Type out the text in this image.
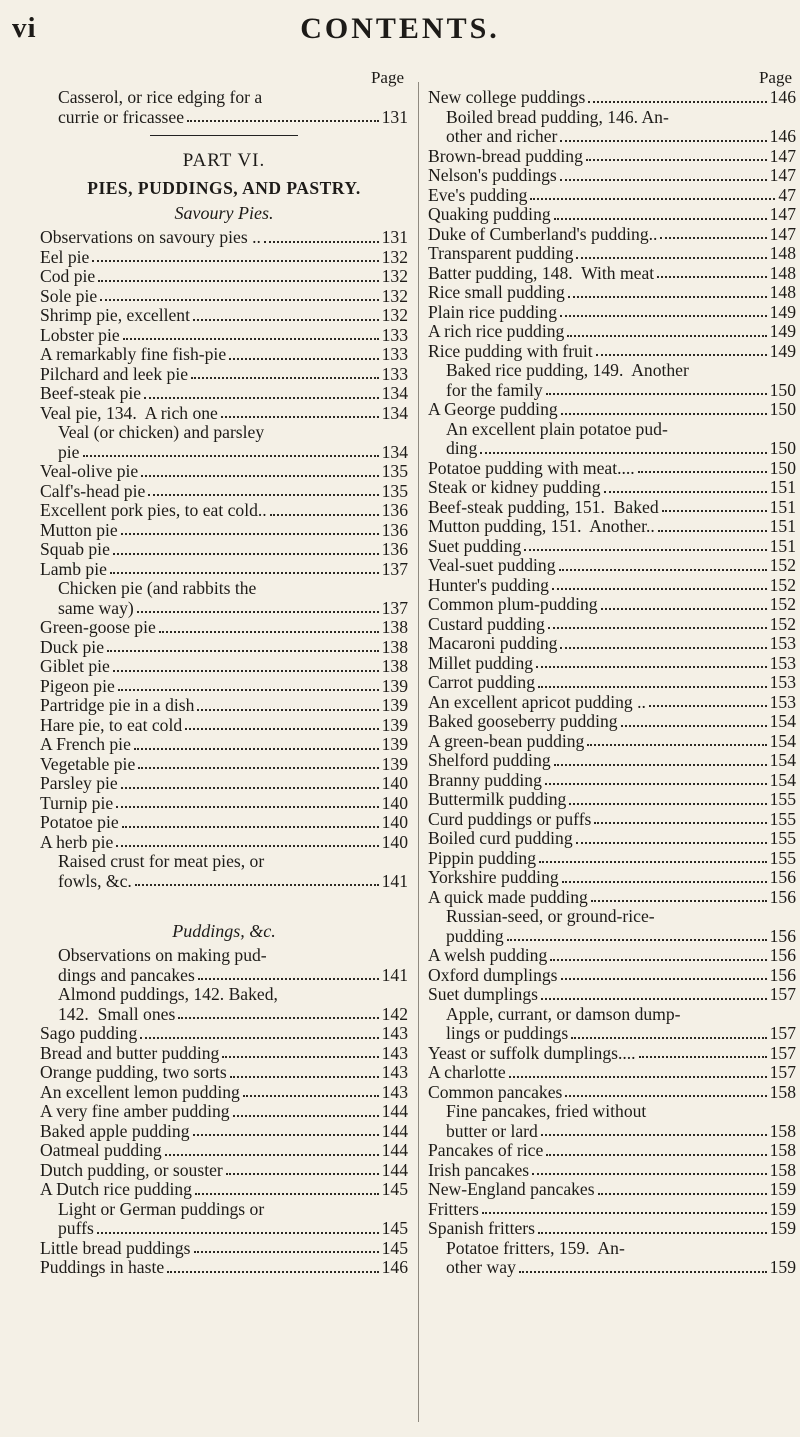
vi	CONTENTS.
Page
Casserol, or rice edging for a
currie or fricassee	131
PART VI.
PIES, PUDDINGS, AND PASTRY.
Savoury Pies.
Observations on savoury pies ..	131
Eel pie	132
Cod pie	132
Sole pie	132
Shrimp pie, excellent	132
Lobster pie	133
A remarkably fine fish-pie	133
Pilchard and leek pie	133
Beef-steak pie	134
Veal pie, 134.  A rich one	134
Veal (or chicken) and parsley
pie	134
Veal-olive pie	135
Calf's-head pie	135
Excellent pork pies, to eat cold..	136
Mutton pie	136
Squab pie	136
Lamb pie	137
Chicken pie (and rabbits the
same way)	137
Green-goose pie	138
Duck pie	138
Giblet pie	138
Pigeon pie	139
Partridge pie in a dish	139
Hare pie, to eat cold	139
A French pie	139
Vegetable pie	139
Parsley pie	140
Turnip pie	140
Potatoe pie	140
A herb pie	140
Raised crust for meat pies, or
fowls, &c.	141
Puddings, &c.
Observations on making pud-
dings and pancakes	141
Almond puddings, 142. Baked,
142.  Small ones	142
Sago pudding	143
Bread and butter pudding	143
Orange pudding, two sorts	143
An excellent lemon pudding	143
A very fine amber pudding	144
Baked apple pudding	144
Oatmeal pudding	144
Dutch pudding, or souster	144
A Dutch rice pudding	145
Light or German puddings or
puffs	145
Little bread puddings	145
Puddings in haste	146
Page
New college puddings	146
Boiled bread pudding, 146. An-
other and richer	146
Brown-bread pudding	147
Nelson's puddings	147
Eve's pudding	47
Quaking pudding	147
Duke of Cumberland's pudding..	147
Transparent pudding	148
Batter pudding, 148.  With meat	148
Rice small pudding	148
Plain rice pudding	149
A rich rice pudding	149
Rice pudding with fruit	149
Baked rice pudding, 149.  Another
for the family	150
A George pudding	150
An excellent plain potatoe pud-
ding	150
Potatoe pudding with meat....	150
Steak or kidney pudding	151
Beef-steak pudding, 151.  Baked	151
Mutton pudding, 151.  Another..	151
Suet pudding	151
Veal-suet pudding	152
Hunter's pudding	152
Common plum-pudding	152
Custard pudding	152
Macaroni pudding	153
Millet pudding	153
Carrot pudding	153
An excellent apricot pudding ..	153
Baked gooseberry pudding	154
A green-bean pudding	154
Shelford pudding	154
Branny pudding	154
Buttermilk pudding	155
Curd puddings or puffs	155
Boiled curd pudding	155
Pippin pudding	155
Yorkshire pudding	156
A quick made pudding	156
Russian-seed, or ground-rice-
pudding	156
A welsh pudding	156
Oxford dumplings	156
Suet dumplings	157
Apple, currant, or damson dump-
lings or puddings	157
Yeast or suffolk dumplings....	157
A charlotte	157
Common pancakes	158
Fine pancakes, fried without
butter or lard	158
Pancakes of rice	158
Irish pancakes	158
New-England pancakes	159
Fritters	159
Spanish fritters	159
Potatoe fritters, 159.  An-
other way	159
